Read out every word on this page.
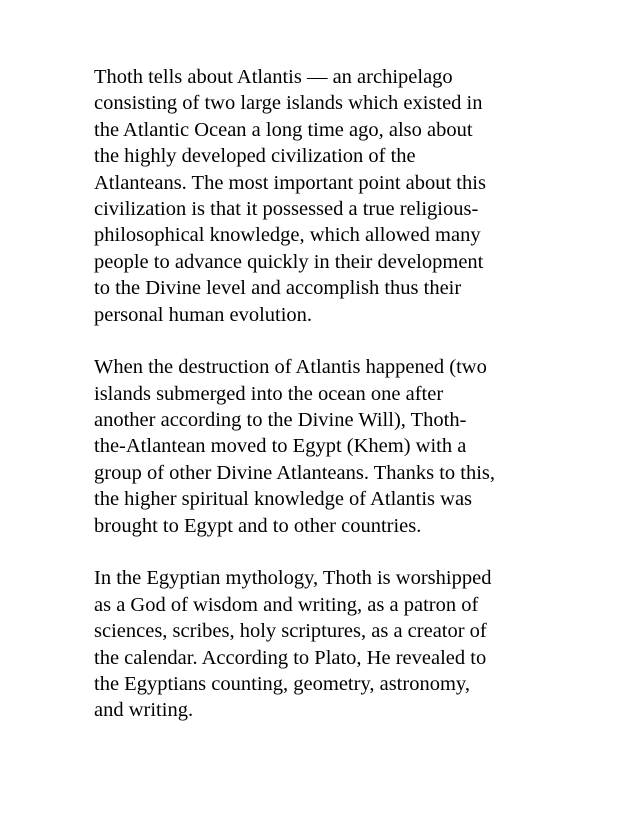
Thoth tells about Atlantis — an archipelago
consisting of two large islands which existed in
the Atlantic Ocean a long time ago, also about
the highly developed civilization of the
Atlanteans. The most important point about this
civilization is that it possessed a true religious-
philosophical knowledge, which allowed many
people to advance quickly in their development
to the Divine level and accomplish thus their
personal human evolution.

When the destruction of Atlantis happened (two
islands submerged into the ocean one after
another according to the Divine Will), Thoth-
the-Atlantean moved to Egypt (Khem) with a
group of other Divine Atlanteans. Thanks to this,
the higher spiritual knowledge of Atlantis was
brought to Egypt and to other countries.

In the Egyptian mythology, Thoth is worshipped
as a God of wisdom and writing, as a patron of
sciences, scribes, holy scriptures, as a creator of
the calendar. According to Plato, He revealed to
the Egyptians counting, geometry, astronomy,
and writing.
